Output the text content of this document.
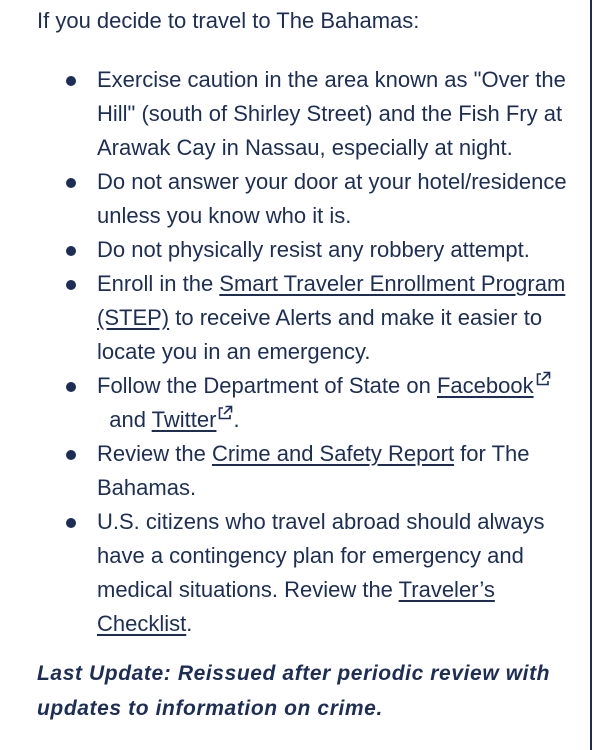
If you decide to travel to The Bahamas:

Exercise caution in the area known as "Over the Hill" (south of Shirley Street) and the Fish Fry at Arawak Cay in Nassau, especially at night.
Do not answer your door at your hotel/residence unless you know who it is.
Do not physically resist any robbery attempt.
Enroll in the Smart Traveler Enrollment Program (STEP) to receive Alerts and make it easier to locate you in an emergency.
Follow the Department of State on Facebook
and Twitter .
Review the Crime and Safety Report for The Bahamas.
U.S. citizens who travel abroad should always have a contingency plan for emergency and medical situations. Review the Traveler’s Checklist.

Last Update: Reissued after periodic review with updates to information on crime.
